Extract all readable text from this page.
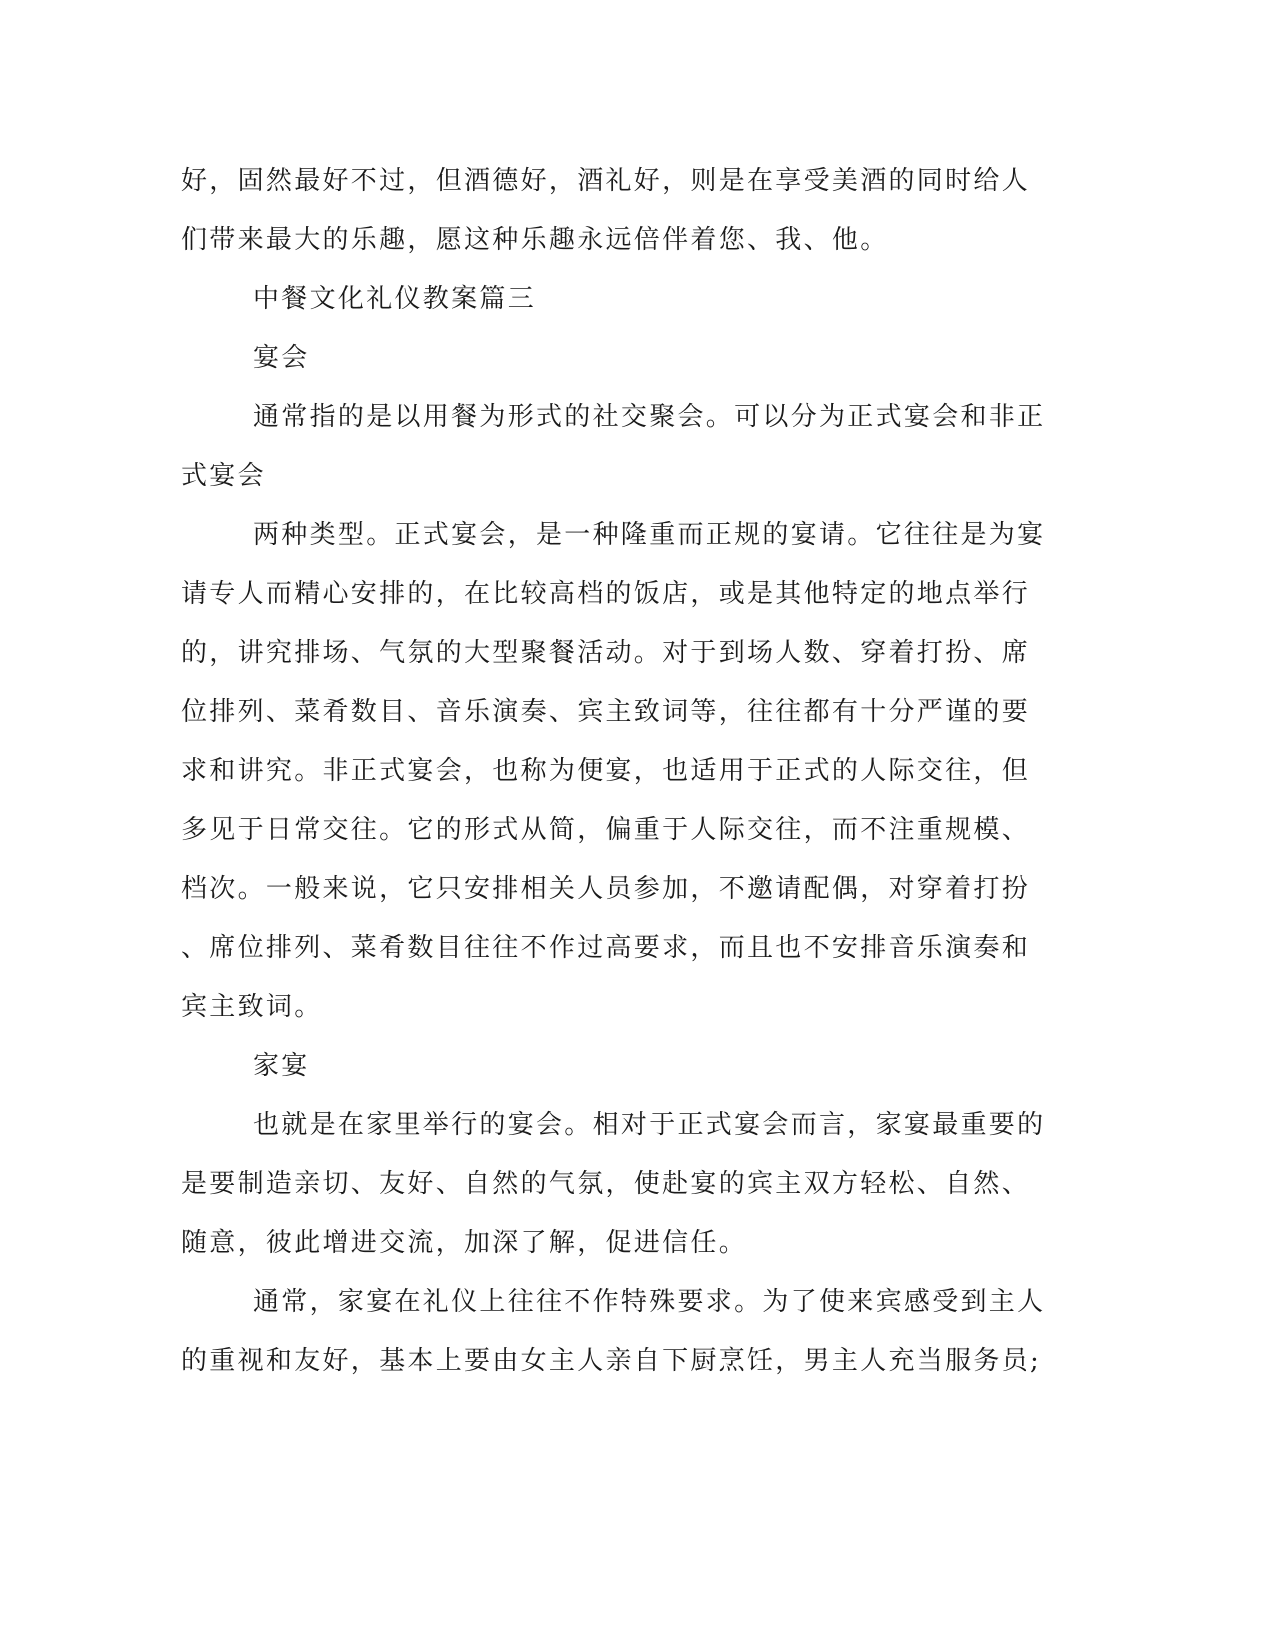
好，固然最好不过，但酒德好，酒礼好，则是在享受美酒的同时给人
们带来最大的乐趣，愿这种乐趣永远倍伴着您、我、他。
中餐文化礼仪教案篇三
宴会
通常指的是以用餐为形式的社交聚会。可以分为正式宴会和非正
式宴会
两种类型。正式宴会，是一种隆重而正规的宴请。它往往是为宴
请专人而精心安排的，在比较高档的饭店，或是其他特定的地点举行
的，讲究排场、气氛的大型聚餐活动。对于到场人数、穿着打扮、席
位排列、菜肴数目、音乐演奏、宾主致词等，往往都有十分严谨的要
求和讲究。非正式宴会，也称为便宴，也适用于正式的人际交往，但
多见于日常交往。它的形式从简，偏重于人际交往，而不注重规模、
档次。一般来说，它只安排相关人员参加，不邀请配偶，对穿着打扮
、席位排列、菜肴数目往往不作过高要求，而且也不安排音乐演奏和
宾主致词。
家宴
也就是在家里举行的宴会。相对于正式宴会而言，家宴最重要的
是要制造亲切、友好、自然的气氛，使赴宴的宾主双方轻松、自然、
随意，彼此增进交流，加深了解，促进信任。
通常，家宴在礼仪上往往不作特殊要求。为了使来宾感受到主人
的重视和友好，基本上要由女主人亲自下厨烹饪，男主人充当服务员;
